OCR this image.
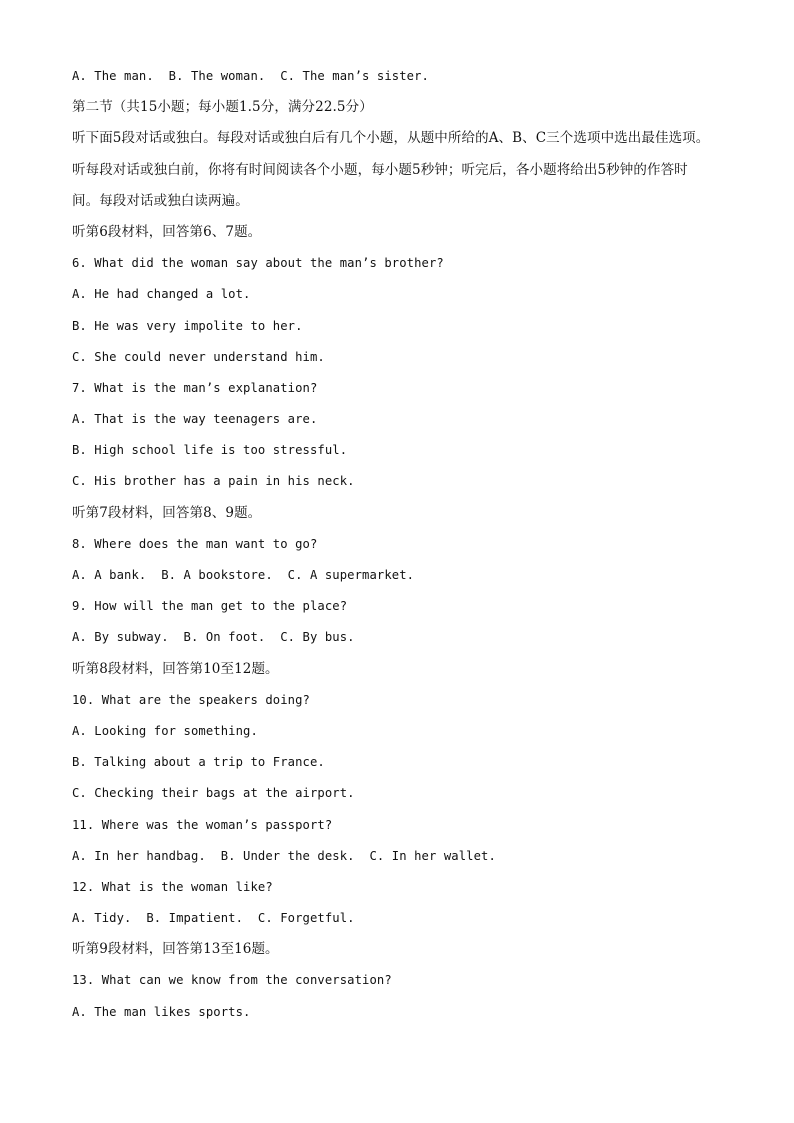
A. The man.  B. The woman.  C. The man’s sister.
第二节（共15小题；每小题1.5分，满分22.5分）
听下面5段对话或独白。每段对话或独白后有几个小题，从题中所给的A、B、C三个选项中选出最佳选项。
听每段对话或独白前，你将有时间阅读各个小题，每小题5秒钟；听完后，各小题将给出5秒钟的作答时
间。每段对话或独白读两遍。
听第6段材料，回答第6、7题。
6. What did the woman say about the man’s brother?
A. He had changed a lot.
B. He was very impolite to her.
C. She could never understand him.
7. What is the man’s explanation?
A. That is the way teenagers are.
B. High school life is too stressful.
C. His brother has a pain in his neck.
听第7段材料，回答第8、9题。
8. Where does the man want to go?
A. A bank.  B. A bookstore.  C. A supermarket.
9. How will the man get to the place?
A. By subway.  B. On foot.  C. By bus.
听第8段材料，回答第10至12题。
10. What are the speakers doing?
A. Looking for something.
B. Talking about a trip to France.
C. Checking their bags at the airport.
11. Where was the woman’s passport?
A. In her handbag.  B. Under the desk.  C. In her wallet.
12. What is the woman like?
A. Tidy.  B. Impatient.  C. Forgetful.
听第9段材料，回答第13至16题。
13. What can we know from the conversation?
A. The man likes sports.
